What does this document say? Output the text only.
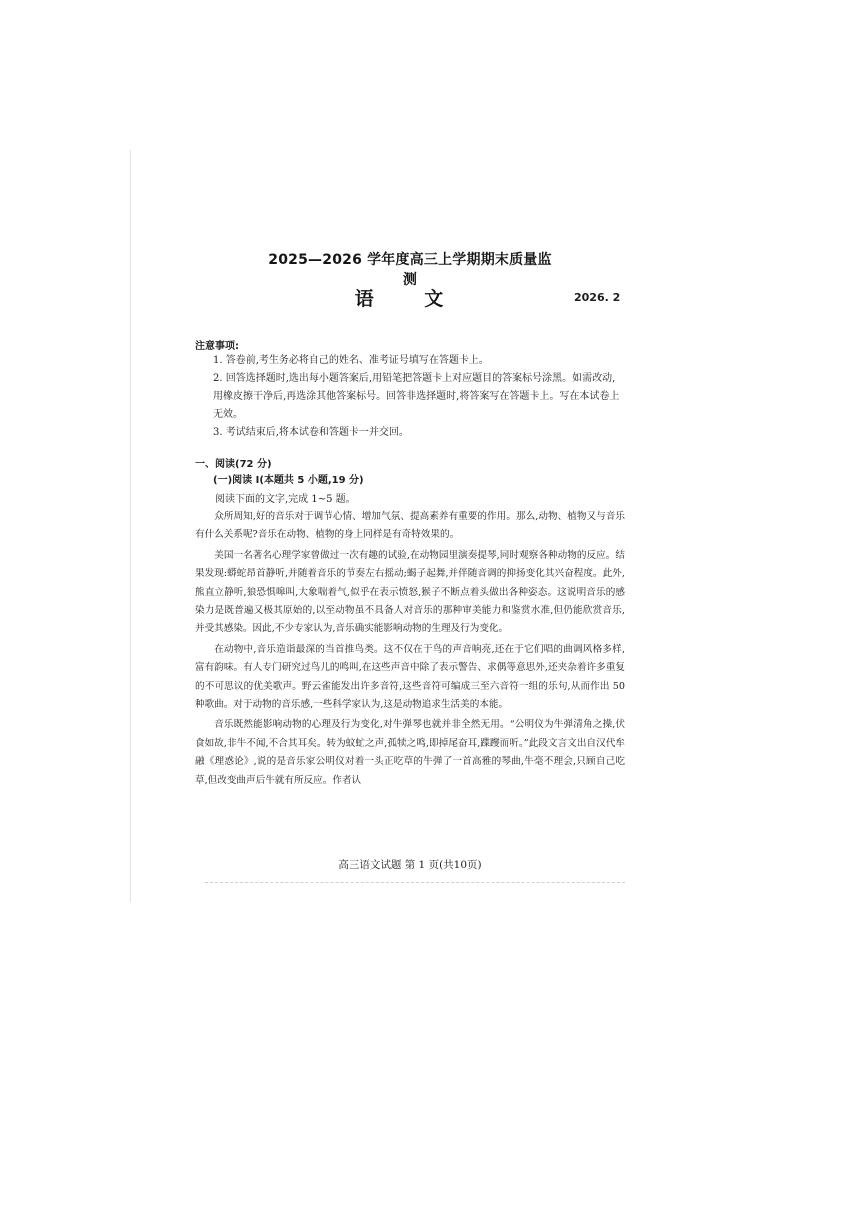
2025—2026 学年度高三上学期期末质量监测
语 文	2026. 2
注意事项:
1. 答卷前,考生务必将自己的姓名、准考证号填写在答题卡上。
2. 回答选择题时,选出每小题答案后,用铅笔把答题卡上对应题目的答案标号涂黑。如需改动,用橡皮擦干净后,再选涂其他答案标号。回答非选择题时,将答案写在答题卡上。写在本试卷上无效。
3. 考试结束后,将本试卷和答题卡一并交回。
一、阅读(72 分)
(一)阅读 I(本题共 5 小题,19 分)
阅读下面的文字,完成 1~5 题。

众所周知,好的音乐对于调节心情、增加气氛、提高素养有重要的作用。那么,动物、植物又与音乐有什么关系呢?音乐在动物、植物的身上同样是有奇特效果的。

美国一名著名心理学家曾做过一次有趣的试验,在动物园里演奏提琴,同时观察各种动物的反应。结果发现:蟒蛇昂首静听,并随着音乐的节奏左右摇动;蝎子起舞,并伴随音调的抑扬变化其兴奋程度。此外,熊直立静听,狼恐惧嗥叫,大象喘着气,似乎在表示愤怒,猴子不断点着头做出各种姿态。这说明音乐的感染力是既普遍又极其原始的,以至动物虽不具备人对音乐的那种审美能力和鉴赏水准,但仍能欣赏音乐,并受其感染。因此,不少专家认为,音乐确实能影响动物的生理及行为变化。

在动物中,音乐造诣最深的当首推鸟类。这不仅在于鸟的声音响亮,还在于它们唱的曲调风格多样,富有韵味。有人专门研究过鸟儿的鸣叫,在这些声音中除了表示警告、求偶等意思外,还夹杂着许多重复的不可思议的优美歌声。野云雀能发出许多音符,这些音符可编成三至六音符一组的乐句,从而作出 50 种歌曲。对于动物的音乐感,一些科学家认为,这是动物追求生活美的本能。

音乐既然能影响动物的心理及行为变化,对牛弹琴也就并非全然无用。“公明仪为牛弹清角之操,伏食如故,非牛不闻,不合其耳矣。转为蚊虻之声,孤犊之鸣,即掉尾奋耳,蹀躞而听。”此段文言文出自汉代牟融《理惑论》,说的是音乐家公明仪对着一头正吃草的牛弹了一首高雅的琴曲,牛毫不理会,只顾自己吃草,但改变曲声后牛就有所反应。作者认

高三语文试题 第 1 页(共10页)
